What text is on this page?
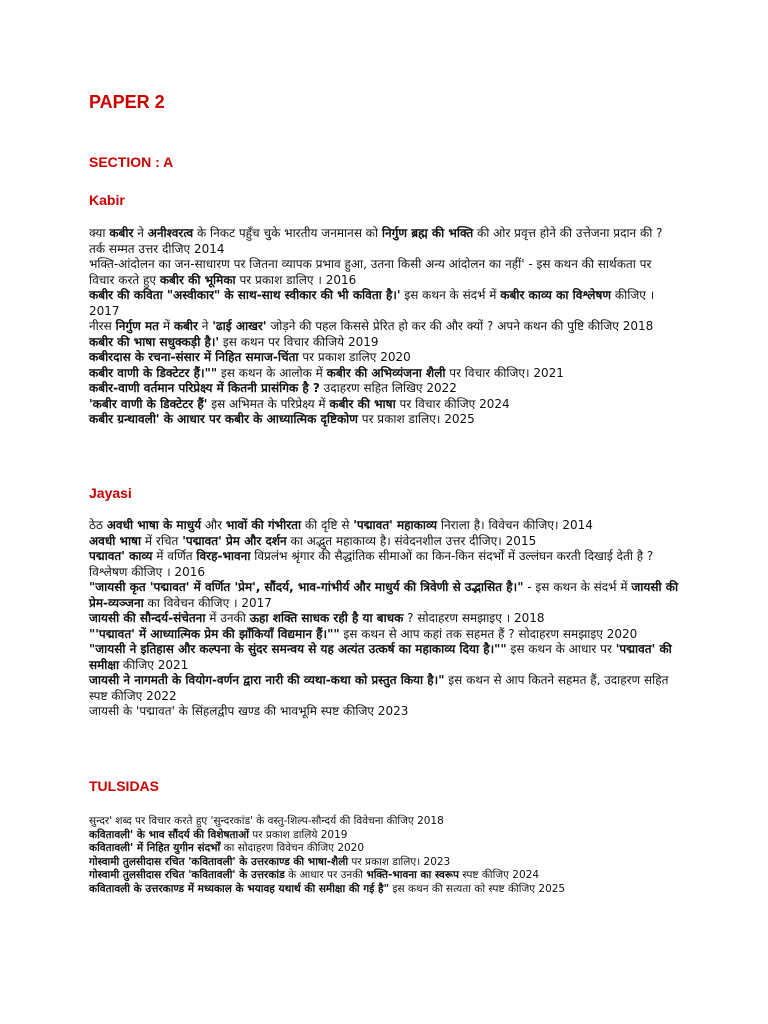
PAPER 2
SECTION : A
Kabir
क्या कबीर ने अनीश्वरत्व के निकट पहुँच चुके भारतीय जनमानस को निर्गुण ब्रह्म की भक्ति की ओर प्रवृत्त होने की उत्तेजना प्रदान की ? तर्क सम्मत उत्तर दीजिए 2014
भक्ति-आंदोलन का जन-साधारण पर जितना व्यापक प्रभाव हुआ, उतना किसी अन्य आंदोलन का नहीं' - इस कथन की सार्थकता पर विचार करते हुए कबीर की भूमिका पर प्रकाश डालिए । 2016
कबीर की कविता "अस्वीकार" के साथ-साथ स्वीकार की भी कविता है।' इस कथन के संदर्भ में कबीर काव्य का विश्लेषण कीजिए । 2017
नीरस निर्गुण मत में कबीर ने 'ढाई आखर' जोड़ने की पहल किससे प्रेरित हो कर की और क्यों ? अपने कथन की पुष्टि कीजिए 2018
कबीर की भाषा सधुक्कड़ी है।' इस कथन पर विचार कीजिये 2019
कबीरदास के रचना-संसार में निहित समाज-चिंता पर प्रकाश डालिए 2020
कबीर वाणी के डिक्टेटर हैं।"" इस कथन के आलोक में कबीर की अभिव्यंजना शैली पर विचार कीजिए। 2021
कबीर-वाणी वर्तमान परिप्रेक्ष्य में कितनी प्रासंगिक है ? उदाहरण सहित लिखिए 2022
'कबीर वाणी के डिक्टेटर हैं' इस अभिमत के परिप्रेक्ष्य में कबीर की भाषा पर विचार कीजिए 2024
कबीर ग्रन्थावली' के आधार पर कबीर के आध्यात्मिक दृष्टिकोण पर प्रकाश डालिए। 2025
Jayasi
ठेठ अवधी भाषा के माधुर्य और भावों की गंभीरता की दृष्टि से 'पद्मावत' महाकाव्य निराला है। विवेचन कीजिए। 2014
अवधी भाषा में रचित 'पद्मावत' प्रेम और दर्शन का अद्भुत महाकाव्य है। संवेदनशील उत्तर दीजिए। 2015
पद्मावत' काव्य में वर्णित विरह-भावना विप्रलंभ श्रृंगार की सैद्धांतिक सीमाओं का किन-किन संदर्भों में उल्लंघन करती दिखाई देती है ? विश्लेषण कीजिए । 2016
"जायसी कृत 'पद्मावत' में वर्णित 'प्रेम', सौंदर्य, भाव-गांभीर्य और माधुर्य की त्रिवेणी से उद्भासित है।" - इस कथन के संदर्भ में जायसी की प्रेम-व्यञ्जना का विवेचन कीजिए । 2017
जायसी की सौन्दर्य-संचेतना में उनकी ऊहा शक्ति साधक रही है या बाधक ? सोदाहरण समझाइए । 2018
"'पद्मावत' में आध्यात्मिक प्रेम की झाँकियाँ विद्यमान हैं।"" इस कथन से आप कहां तक सहमत हैं ? सोदाहरण समझाइए 2020
"जायसी ने इतिहास और कल्पना के सुंदर समन्वय से यह अत्यंत उत्कर्ष का महाकाव्य दिया है।"" इस कथन के आधार पर 'पद्मावत' की समीक्षा कीजिए 2021
जायसी ने नागमती के वियोग-वर्णन द्वारा नारी की व्यथा-कथा को प्रस्तुत किया है।" इस कथन से आप कितने सहमत हैं, उदाहरण सहित स्पष्ट कीजिए 2022
जायसी के 'पद्मावत' के सिंहलद्वीप खण्ड की भावभूमि स्पष्ट कीजिए 2023
TULSIDAS
सुन्दर' शब्द पर विचार करते हुए 'सुन्दरकांड' के वस्तु-शिल्प-सौन्दर्य की विवेचना कीजिए 2018
कवितावली' के भाव सौंदर्य की विशेषताओं पर प्रकाश डालिये 2019
कवितावली' में निहित युगीन संदर्भों का सोदाहरण विवेचन कीजिए 2020
गोस्वामी तुलसीदास रचित 'कवितावली' के उत्तरकाण्ड की भाषा-शैली पर प्रकाश डालिए। 2023
गोस्वामी तुलसीदास रचित 'कवितावली' के उत्तरकांड के आधार पर उनकी भक्ति-भावना का स्वरूप स्पष्ट कीजिए 2024
कवितावली के उत्तरकाण्ड में मध्यकाल के भयावह यथार्थ की समीक्षा की गई है" इस कथन की सत्यता को स्पष्ट कीजिए 2025
